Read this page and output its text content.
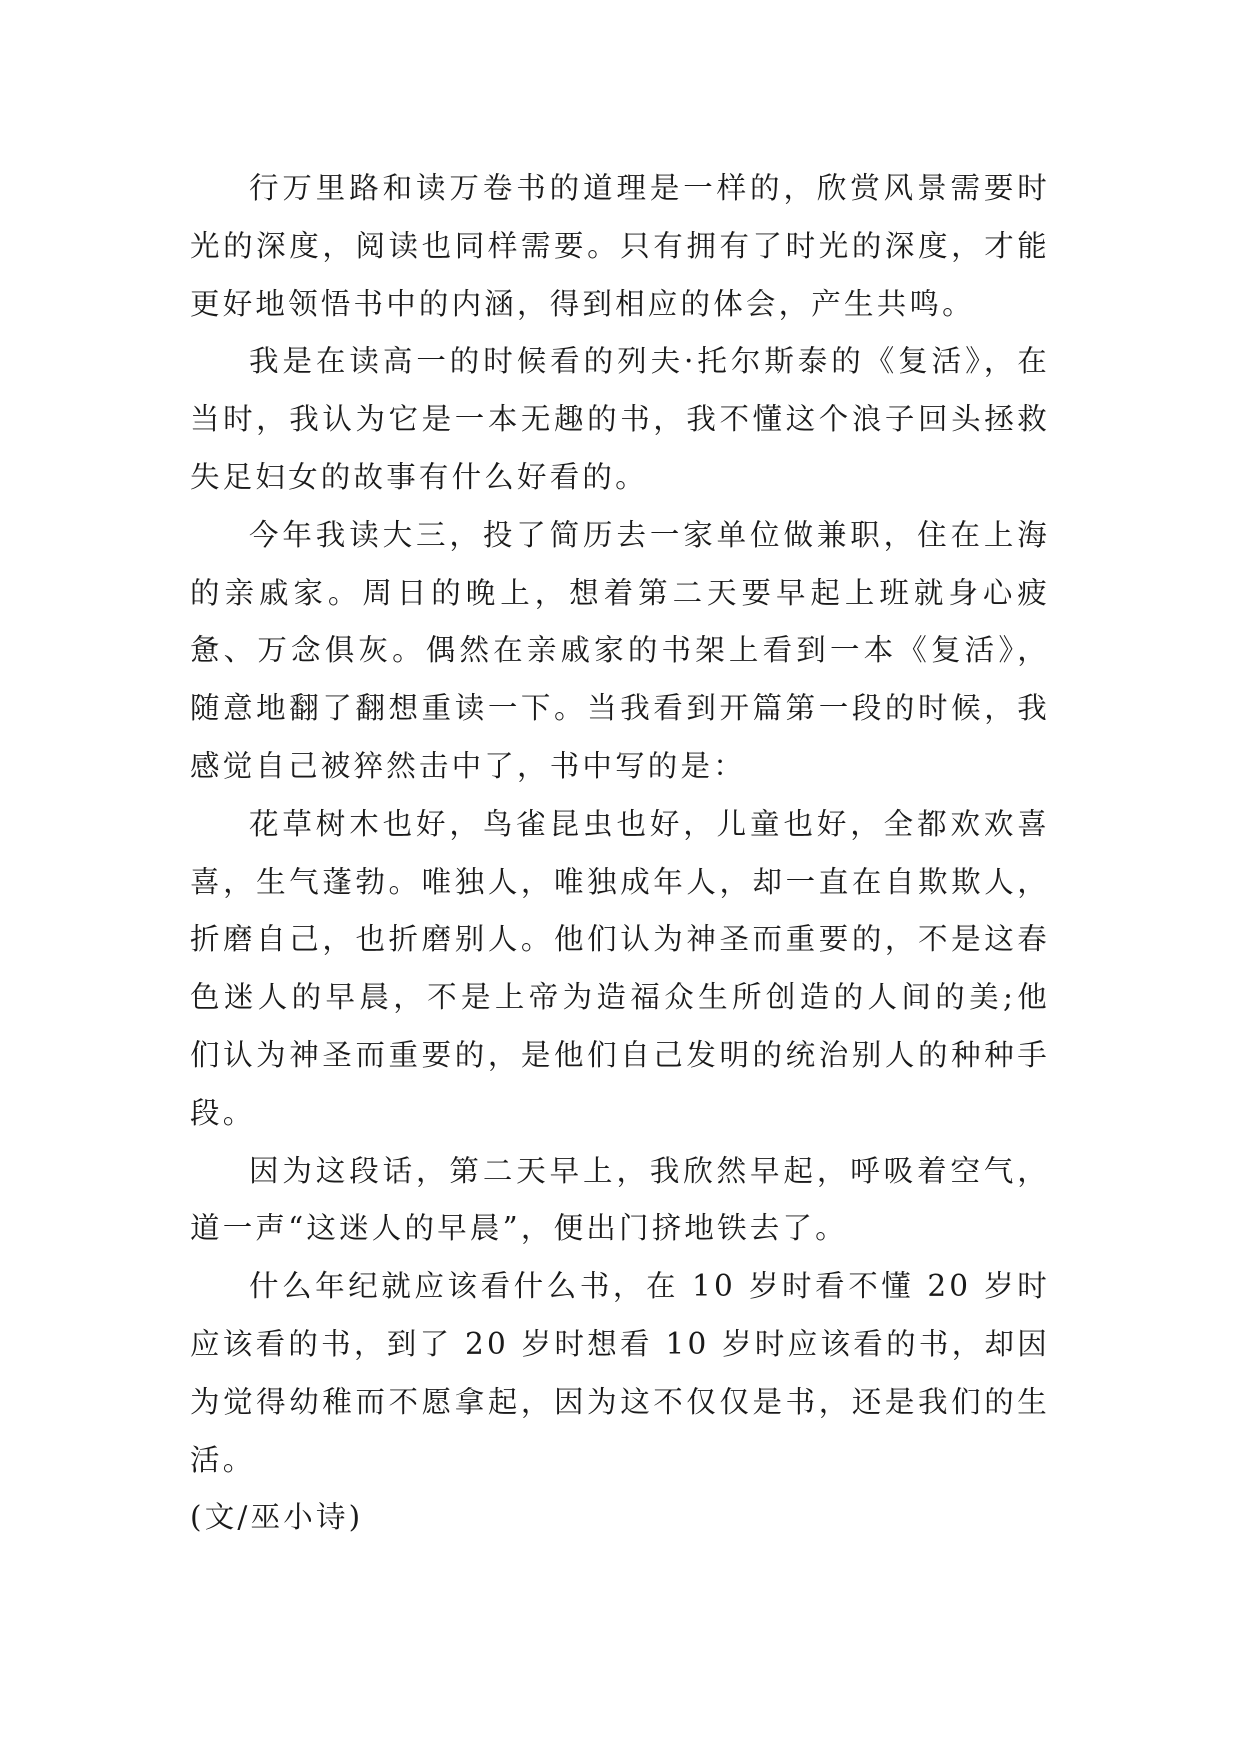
行万里路和读万卷书的道理是一样的，欣赏风景需要时光的深度，阅读也同样需要。只有拥有了时光的深度，才能更好地领悟书中的内涵，得到相应的体会，产生共鸣。

我是在读高一的时候看的列夫·托尔斯泰的《复活》，在当时，我认为它是一本无趣的书，我不懂这个浪子回头拯救失足妇女的故事有什么好看的。

今年我读大三，投了简历去一家单位做兼职，住在上海的亲戚家。周日的晚上，想着第二天要早起上班就身心疲惫、万念俱灰。偶然在亲戚家的书架上看到一本《复活》，随意地翻了翻想重读一下。当我看到开篇第一段的时候，我感觉自己被猝然击中了，书中写的是：

花草树木也好，鸟雀昆虫也好，儿童也好，全都欢欢喜喜，生气蓬勃。唯独人，唯独成年人，却一直在自欺欺人，折磨自己，也折磨别人。他们认为神圣而重要的，不是这春色迷人的早晨，不是上帝为造福众生所创造的人间的美;他们认为神圣而重要的，是他们自己发明的统治别人的种种手段。

因为这段话，第二天早上，我欣然早起，呼吸着空气，道一声“这迷人的早晨”，便出门挤地铁去了。

什么年纪就应该看什么书，在 10 岁时看不懂 20 岁时应该看的书，到了 20 岁时想看 10 岁时应该看的书，却因为觉得幼稚而不愿拿起，因为这不仅仅是书，还是我们的生活。

(文/巫小诗)
